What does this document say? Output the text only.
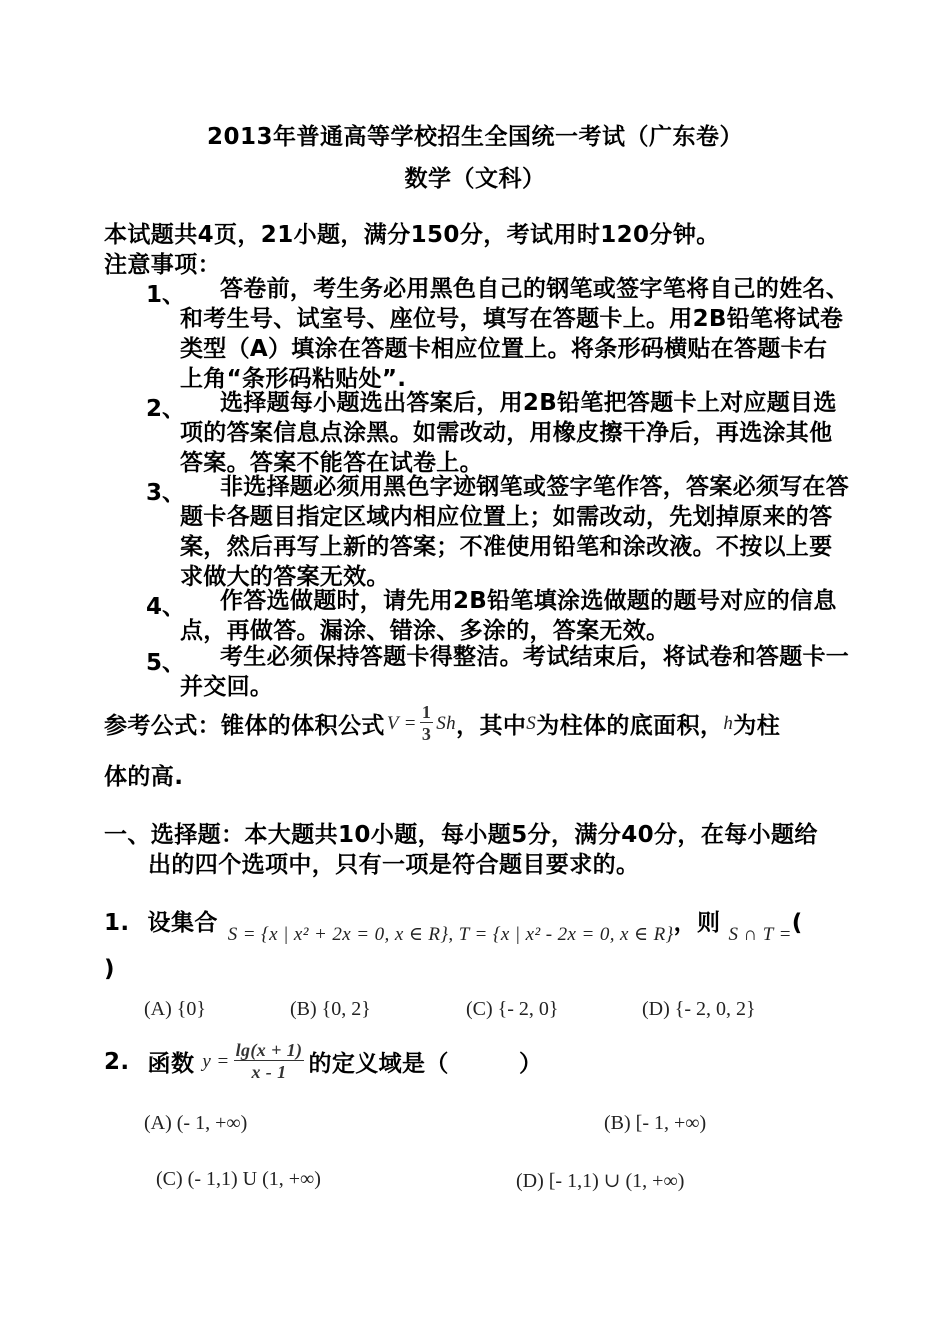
2013年普通高等学校招生全国统一考试（广东卷）
数学（文科）
本试题共4页，21小题，满分150分，考试用时120分钟。
注意事项：
1、	答卷前，考生务必用黑色自己的钢笔或签字笔将自己的姓名、和考生号、试室号、座位号，填写在答题卡上。用2B铅笔将试卷类型（A）填涂在答题卡相应位置上。将条形码横贴在答题卡右上角“条形码粘贴处”.
2、	选择题每小题选出答案后，用2B铅笔把答题卡上对应题目选项的答案信息点涂黑。如需改动，用橡皮擦干净后，再选涂其他答案。答案不能答在试卷上。
3、	非选择题必须用黑色字迹钢笔或签字笔作答，答案必须写在答题卡各题目指定区域内相应位置上；如需改动，先划掉原来的答案，然后再写上新的答案；不准使用铅笔和涂改液。不按以上要求做大的答案无效。
4、	作答选做题时，请先用2B铅笔填涂选做题的题号对应的信息点，再做答。漏涂、错涂、多涂的，答案无效。
5、	考生必须保持答题卡得整洁。考试结束后，将试卷和答题卡一并交回。
参考公式：锥体的体积公式 $V = \frac{1}{3}$ Sh ，其中 S 为柱体的底面积， h 为柱
体的高.
一、选择题：本大题共10小题，每小题5分，满分40分，在每小题给
出的四个选项中，只有一项是符合题目要求的。
1. 设集合 S = {x | x² + 2x = 0, x ∈ R}, T = {x | x² - 2x = 0, x ∈ R} ，则 S ∩ T = (
)
(A) {0}	(B) {0, 2}	(C) {- 2, 0}	(D) {- 2, 0, 2}
2. 函数 $y = \frac{\lg(x + 1)}{x - 1}$ 的定义域是（　　　）
(A) (- 1, +∞)	(B) [- 1, +∞)
(C) (- 1,1) U (1, +∞)	(D) [- 1,1) ∪ (1, +∞)
